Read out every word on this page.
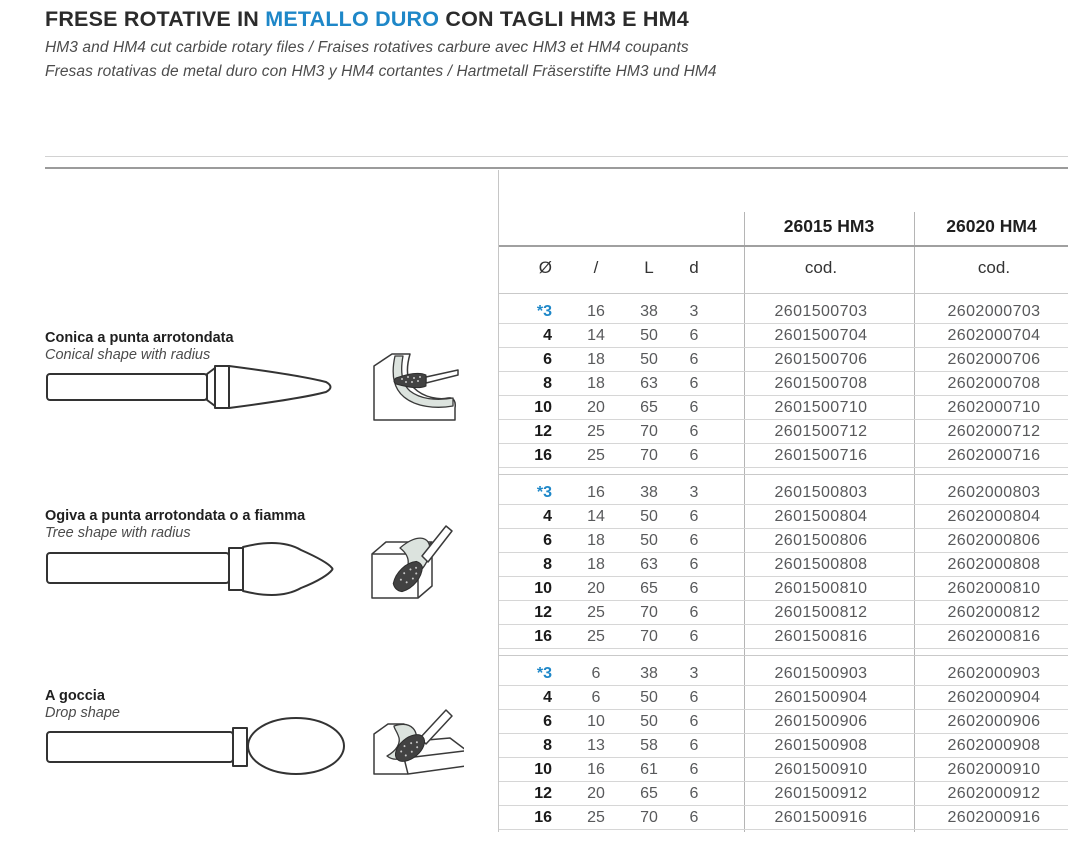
FRESE ROTATIVE IN METALLO DURO CON TAGLI HM3 E HM4
HM3 and HM4 cut carbide rotary files / Fraises rotatives carbure avec HM3 et HM4 coupants
Fresas rotativas de metal duro con HM3 y HM4 cortantes / Hartmetall Fräserstifte HM3 und HM4
Conica a punta arrotondata
Conical shape with radius
Ogiva a punta arrotondata o a fiamma
Tree shape with radius
A goccia
Drop shape
26015 HM3	26020 HM4
Ø	/	L	d	cod.	cod.
*3	16	38	3	2601500703	2602000703
4	14	50	6	2601500704	2602000704
6	18	50	6	2601500706	2602000706
8	18	63	6	2601500708	2602000708
10	20	65	6	2601500710	2602000710
12	25	70	6	2601500712	2602000712
16	25	70	6	2601500716	2602000716
*3	16	38	3	2601500803	2602000803
4	14	50	6	2601500804	2602000804
6	18	50	6	2601500806	2602000806
8	18	63	6	2601500808	2602000808
10	20	65	6	2601500810	2602000810
12	25	70	6	2601500812	2602000812
16	25	70	6	2601500816	2602000816
*3	6	38	3	2601500903	2602000903
4	6	50	6	2601500904	2602000904
6	10	50	6	2601500906	2602000906
8	13	58	6	2601500908	2602000908
10	16	61	6	2601500910	2602000910
12	20	65	6	2601500912	2602000912
16	25	70	6	2601500916	2602000916
